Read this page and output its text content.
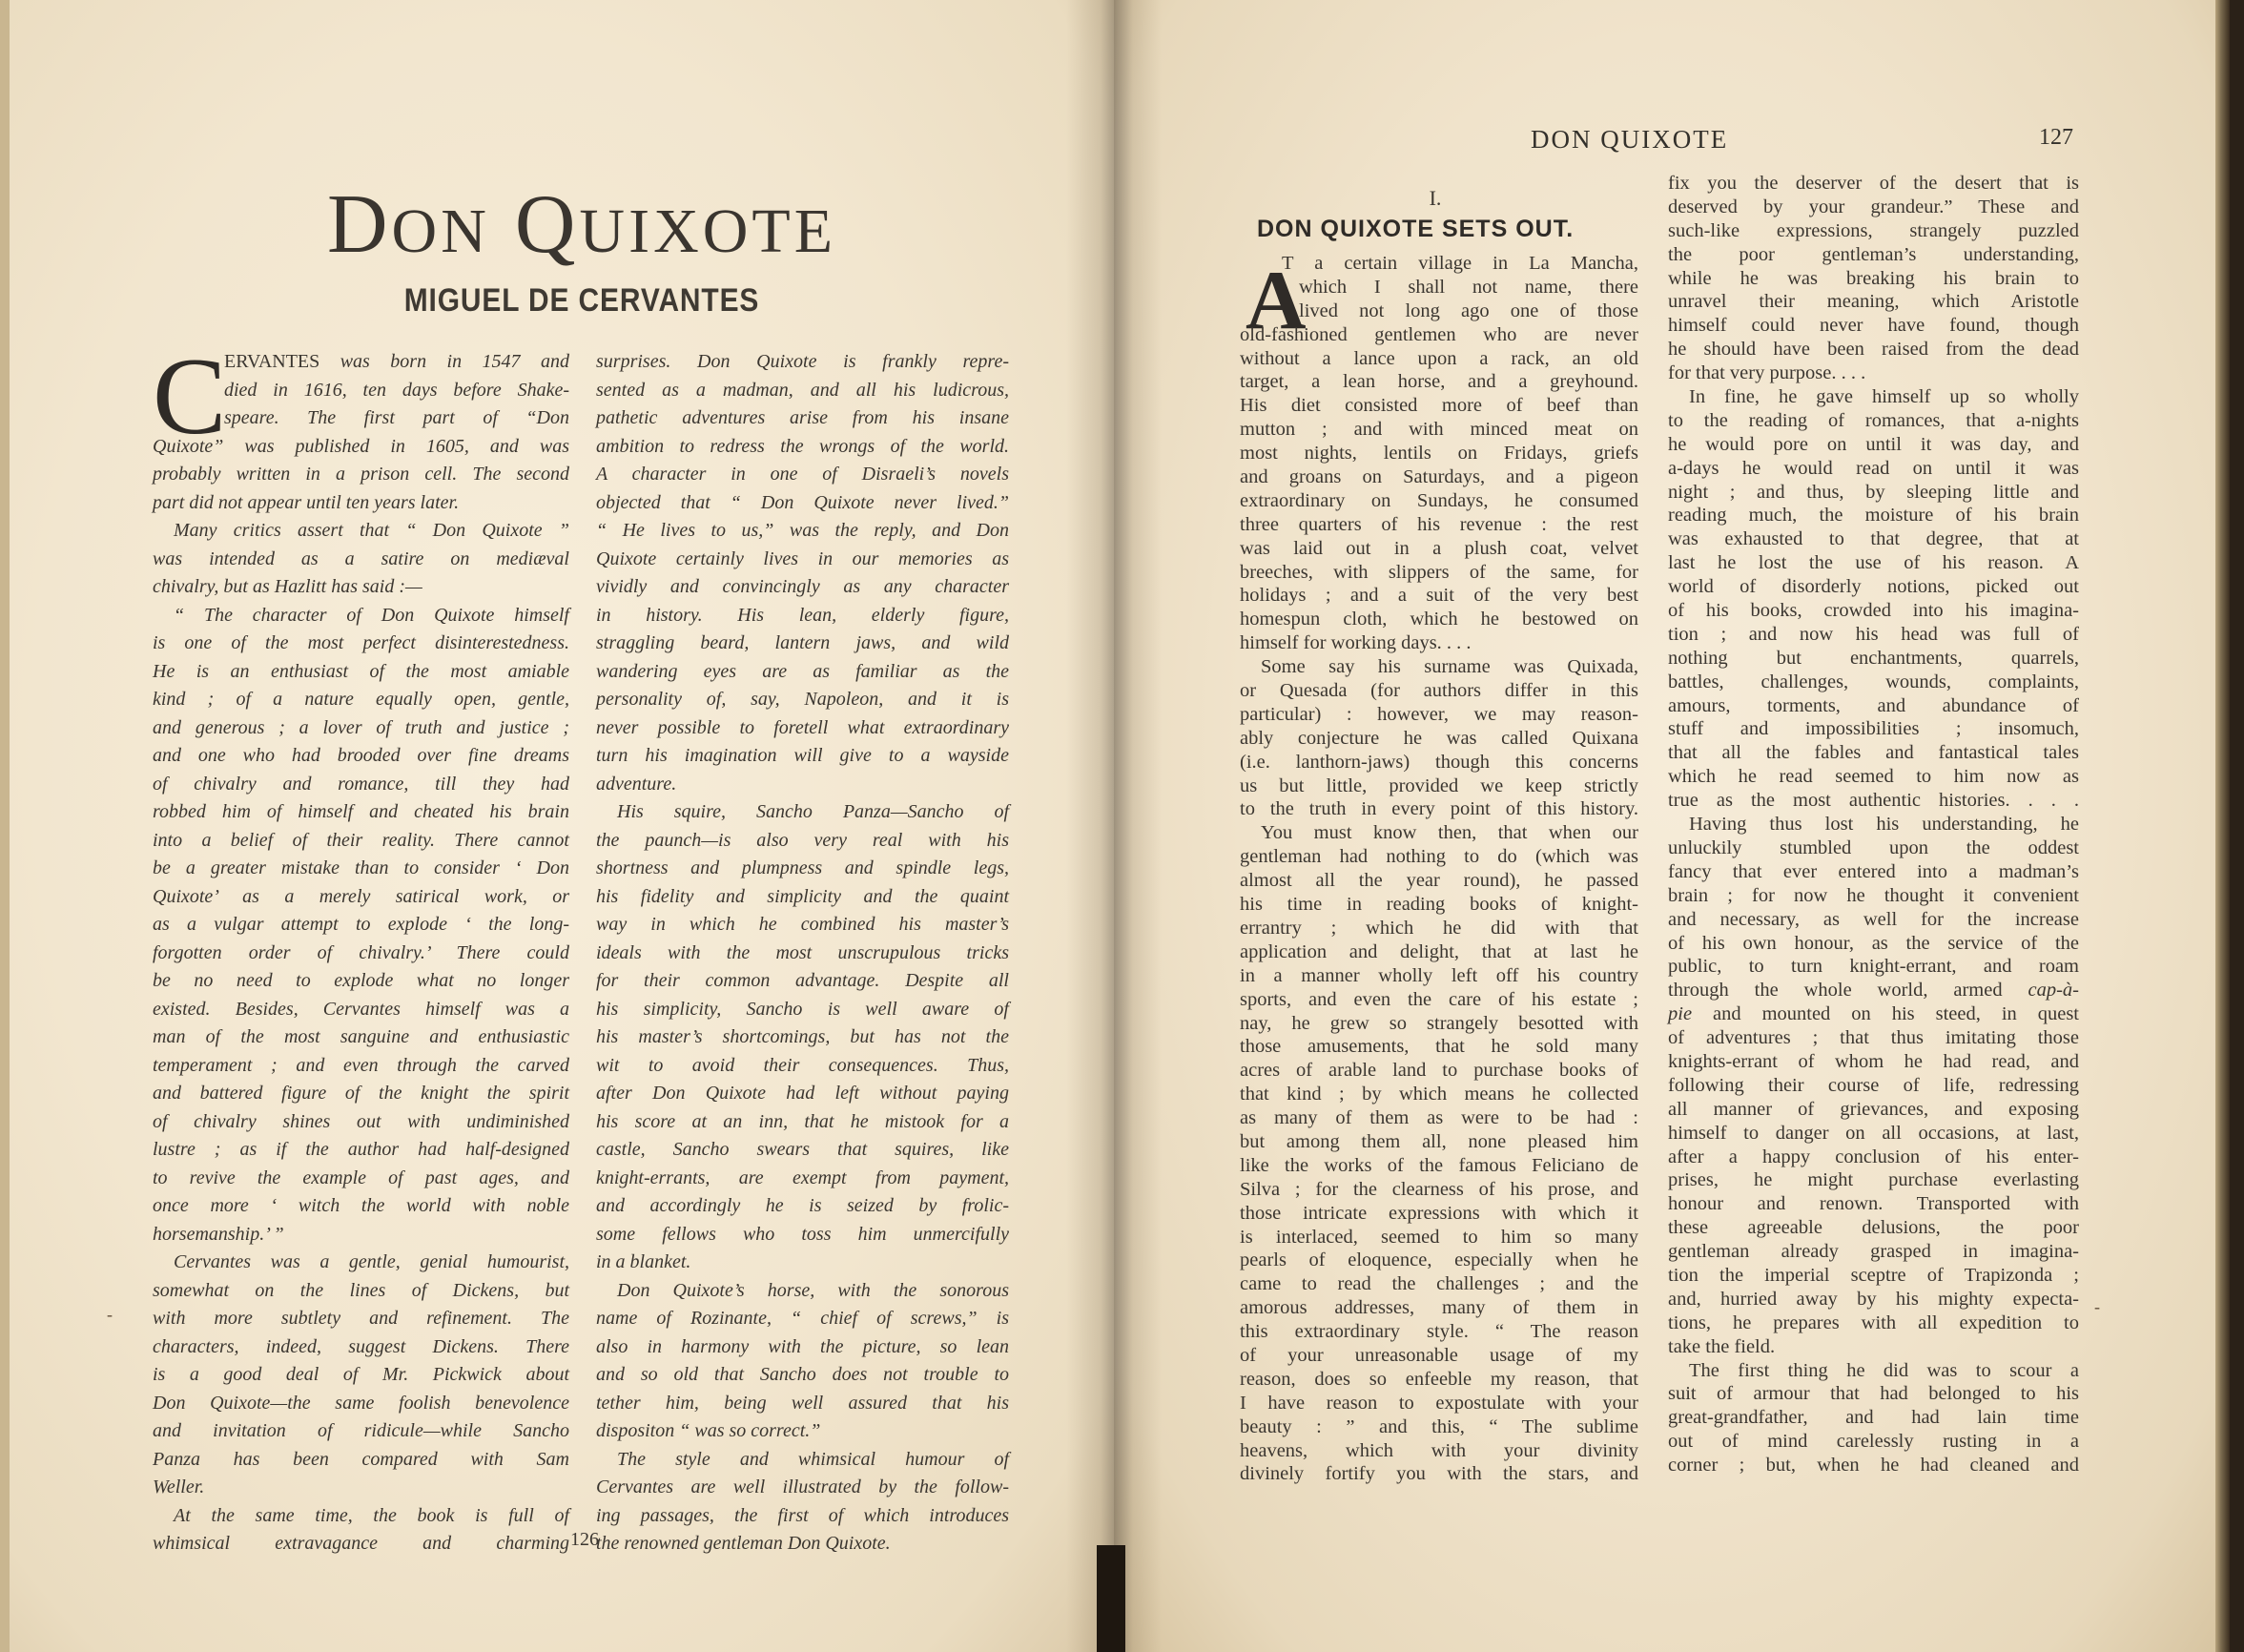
DON QUIXOTE
MIGUEL DE CERVANTES
C
ERVANTES was born in 1547 and
died in 1616, ten days before Shake-
speare. The first part of “Don
Quixote” was published in 1605, and was
probably written in a prison cell. The second
part did not appear until ten years later.
Many critics assert that “ Don Quixote ”
was intended as a satire on mediæval
chivalry, but as Hazlitt has said :—
“ The character of Don Quixote himself
is one of the most perfect disinterestedness.
He is an enthusiast of the most amiable
kind ; of a nature equally open, gentle,
and generous ; a lover of truth and justice ;
and one who had brooded over fine dreams
of chivalry and romance, till they had
robbed him of himself and cheated his brain
into a belief of their reality. There cannot
be a greater mistake than to consider ‘ Don
Quixote’ as a merely satirical work, or
as a vulgar attempt to explode ‘ the long-
forgotten order of chivalry.’ There could
be no need to explode what no longer
existed. Besides, Cervantes himself was a
man of the most sanguine and enthusiastic
temperament ; and even through the carved
and battered figure of the knight the spirit
of chivalry shines out with undiminished
lustre ; as if the author had half-designed
to revive the example of past ages, and
once more ‘ witch the world with noble
horsemanship.’ ”
Cervantes was a gentle, genial humourist,
somewhat on the lines of Dickens, but
with more subtlety and refinement. The
characters, indeed, suggest Dickens. There
is a good deal of Mr. Pickwick about
Don Quixote—the same foolish benevolence
and invitation of ridicule—while Sancho
Panza has been compared with Sam
Weller.
At the same time, the book is full of
whimsical extravagance and charming
surprises. Don Quixote is frankly repre-
sented as a madman, and all his ludicrous,
pathetic adventures arise from his insane
ambition to redress the wrongs of the world.
A character in one of Disraeli’s novels
objected that “ Don Quixote never lived.”
“ He lives to us,” was the reply, and Don
Quixote certainly lives in our memories as
vividly and convincingly as any character
in history. His lean, elderly figure,
straggling beard, lantern jaws, and wild
wandering eyes are as familiar as the
personality of, say, Napoleon, and it is
never possible to foretell what extraordinary
turn his imagination will give to a wayside
adventure.
His squire, Sancho Panza—Sancho of
the paunch—is also very real with his
shortness and plumpness and spindle legs,
his fidelity and simplicity and the quaint
way in which he combined his master’s
ideals with the most unscrupulous tricks
for their common advantage. Despite all
his simplicity, Sancho is well aware of
his master’s shortcomings, but has not the
wit to avoid their consequences. Thus,
after Don Quixote had left without paying
his score at an inn, that he mistook for a
castle, Sancho swears that squires, like
knight-errants, are exempt from payment,
and accordingly he is seized by frolic-
some fellows who toss him unmercifully
in a blanket.
Don Quixote’s horse, with the sonorous
name of Rozinante, “ chief of screws,” is
also in harmony with the picture, so lean
and so old that Sancho does not trouble to
tether him, being well assured that his
dispositon “ was so correct.”
The style and whimsical humour of
Cervantes are well illustrated by the follow-
ing passages, the first of which introduces
the renowned gentleman Don Quixote.
-
126
DON QUIXOTE	127
I.
DON QUIXOTE SETS OUT.
A
T a certain village in La Mancha,
which I shall not name, there
lived not long ago one of those
old-fashioned gentlemen who are never
without a lance upon a rack, an old
target, a lean horse, and a greyhound.
His diet consisted more of beef than
mutton ; and with minced meat on
most nights, lentils on Fridays, griefs
and groans on Saturdays, and a pigeon
extraordinary on Sundays, he consumed
three quarters of his revenue : the rest
was laid out in a plush coat, velvet
breeches, with slippers of the same, for
holidays ; and a suit of the very best
homespun cloth, which he bestowed on
himself for working days. . . .
Some say his surname was Quixada,
or Quesada (for authors differ in this
particular) : however, we may reason-
ably conjecture he was called Quixana
(i.e. lanthorn-jaws) though this concerns
us but little, provided we keep strictly
to the truth in every point of this history.
You must know then, that when our
gentleman had nothing to do (which was
almost all the year round), he passed
his time in reading books of knight-
errantry ; which he did with that
application and delight, that at last he
in a manner wholly left off his country
sports, and even the care of his estate ;
nay, he grew so strangely besotted with
those amusements, that he sold many
acres of arable land to purchase books of
that kind ; by which means he collected
as many of them as were to be had :
but among them all, none pleased him
like the works of the famous Feliciano de
Silva ; for the clearness of his prose, and
those intricate expressions with which it
is interlaced, seemed to him so many
pearls of eloquence, especially when he
came to read the challenges ; and the
amorous addresses, many of them in
this extraordinary style. “ The reason
of your unreasonable usage of my
reason, does so enfeeble my reason, that
I have reason to expostulate with your
beauty : ” and this, “ The sublime
heavens, which with your divinity
divinely fortify you with the stars, and
fix you the deserver of the desert that is
deserved by your grandeur.” These and
such-like expressions, strangely puzzled
the poor gentleman’s understanding,
while he was breaking his brain to
unravel their meaning, which Aristotle
himself could never have found, though
he should have been raised from the dead
for that very purpose. . . .
In fine, he gave himself up so wholly
to the reading of romances, that a-nights
he would pore on until it was day, and
a-days he would read on until it was
night ; and thus, by sleeping little and
reading much, the moisture of his brain
was exhausted to that degree, that at
last he lost the use of his reason. A
world of disorderly notions, picked out
of his books, crowded into his imagina-
tion ; and now his head was full of
nothing but enchantments, quarrels,
battles, challenges, wounds, complaints,
amours, torments, and abundance of
stuff and impossibilities ; insomuch,
that all the fables and fantastical tales
which he read seemed to him now as
true as the most authentic histories. . . .
Having thus lost his understanding, he
unluckily stumbled upon the oddest
fancy that ever entered into a madman’s
brain ; for now he thought it convenient
and necessary, as well for the increase
of his own honour, as the service of the
public, to turn knight-errant, and roam
through the whole world, armed cap-à-
pie and mounted on his steed, in quest
of adventures ; that thus imitating those
knights-errant of whom he had read, and
following their course of life, redressing
all manner of grievances, and exposing
himself to danger on all occasions, at last,
after a happy conclusion of his enter-
prises, he might purchase everlasting
honour and renown. Transported with
these agreeable delusions, the poor
gentleman already grasped in imagina-
tion the imperial sceptre of Trapizonda ;
and, hurried away by his mighty expecta-
tions, he prepares with all expedition to
take the field.
The first thing he did was to scour a
suit of armour that had belonged to his
great-grandfather, and had lain time
out of mind carelessly rusting in a
corner ; but, when he had cleaned and
-
